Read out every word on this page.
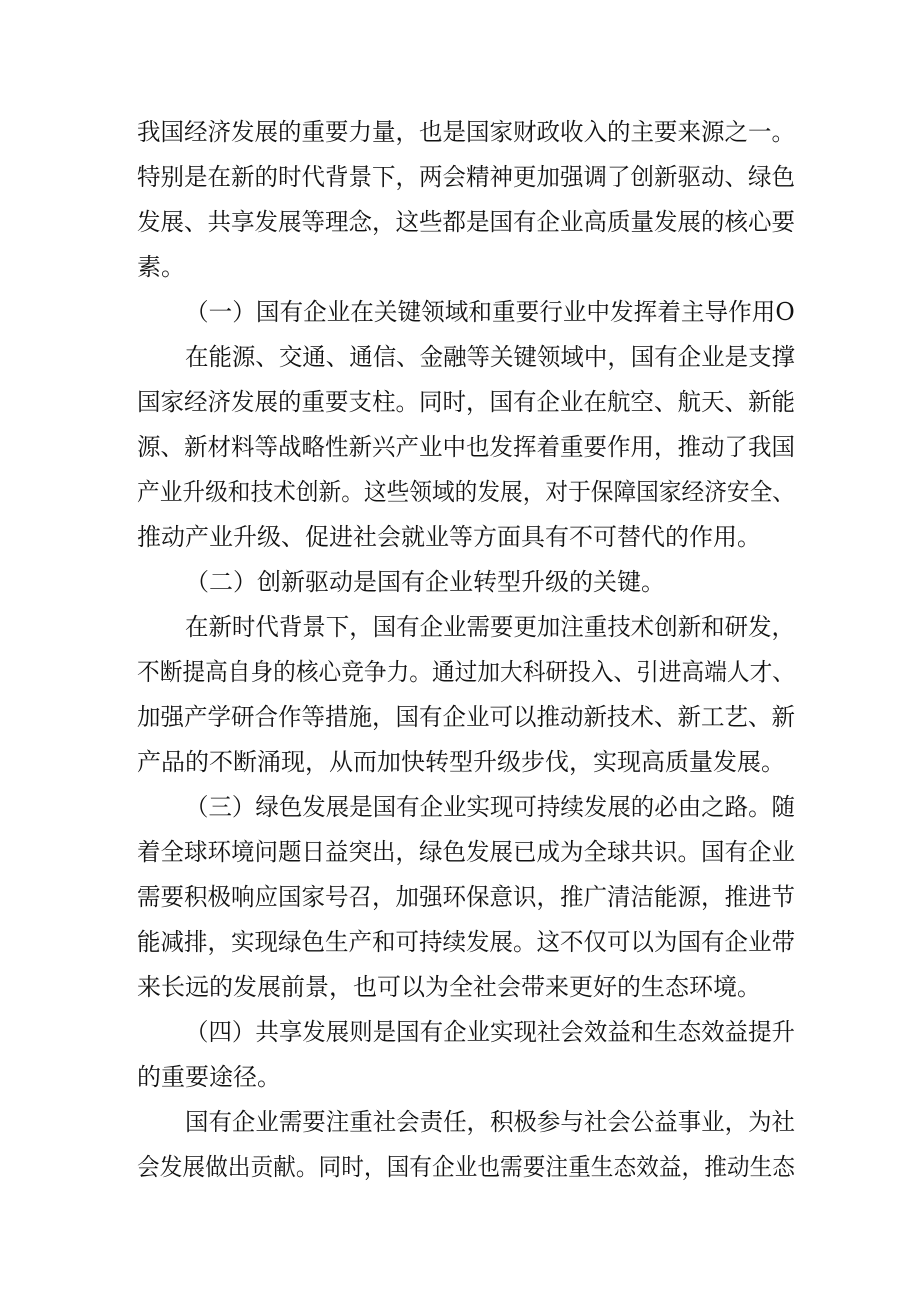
我国经济发展的重要力量，也是国家财政收入的主要来源之一。
特别是在新的时代背景下，两会精神更加强调了创新驱动、绿色
发展、共享发展等理念，这些都是国有企业高质量发展的核心要
素。
（一）国有企业在关键领域和重要行业中发挥着主导作用O
在能源、交通、通信、金融等关键领域中，国有企业是支撑
国家经济发展的重要支柱。同时，国有企业在航空、航天、新能
源、新材料等战略性新兴产业中也发挥着重要作用，推动了我国
产业升级和技术创新。这些领域的发展，对于保障国家经济安全、
推动产业升级、促进社会就业等方面具有不可替代的作用。
（二）创新驱动是国有企业转型升级的关键。
在新时代背景下，国有企业需要更加注重技术创新和研发，
不断提高自身的核心竞争力。通过加大科研投入、引进高端人才、
加强产学研合作等措施，国有企业可以推动新技术、新工艺、新
产品的不断涌现，从而加快转型升级步伐，实现高质量发展。
（三）绿色发展是国有企业实现可持续发展的必由之路。随
着全球环境问题日益突出，绿色发展已成为全球共识。国有企业
需要积极响应国家号召，加强环保意识，推广清洁能源，推进节
能减排，实现绿色生产和可持续发展。这不仅可以为国有企业带
来长远的发展前景，也可以为全社会带来更好的生态环境。
（四）共享发展则是国有企业实现社会效益和生态效益提升
的重要途径。
国有企业需要注重社会责任，积极参与社会公益事业，为社
会发展做出贡献。同时，国有企业也需要注重生态效益，推动生态
